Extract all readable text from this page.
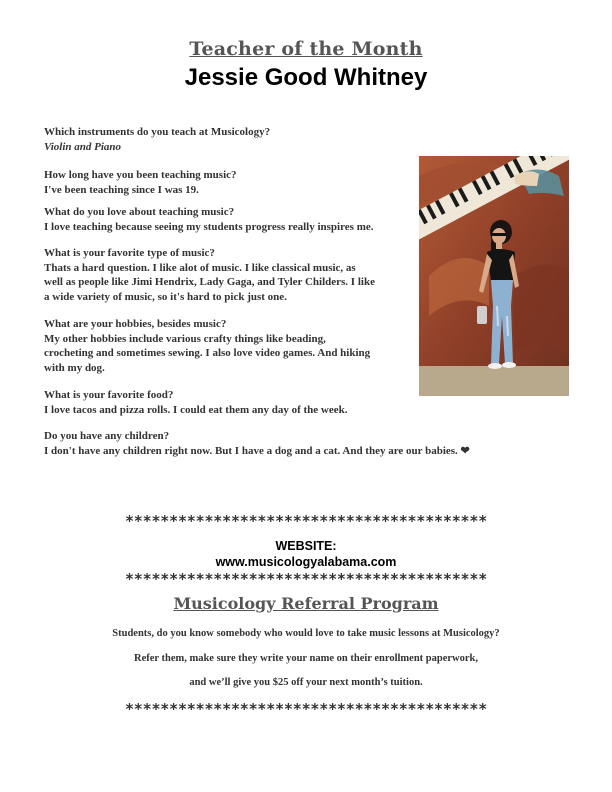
Teacher of the Month
Jessie Good Whitney

Which instruments do you teach at Musicology?

Violin and Piano

How long have you been teaching music?

I've been teaching since I was 19.

What do you love about teaching music?

I love teaching because seeing my students progress really inspires me.

What is your favorite type of music?

Thats a hard question. I like alot of music. I like classical music, as

well as people like Jimi Hendrix, Lady Gaga, and Tyler Childers. I like

a wide variety of music, so it's hard to pick just one.

What are your hobbies, besides music?

My other hobbies include various crafty things like beading,

crocheting and sometimes sewing. I also love video games. And hiking

with my dog.

What is your favorite food?

I love tacos and pizza rolls. I could eat them any day of the week.

Do you have any children?

I don't have any children right now. But I have a dog and a cat. And they are our babies. ❤

*****************************************
WEBSITE:
www.musicologyalabama.com
*****************************************
Musicology Referral Program
Students, do you know somebody who would love to take music lessons at Musicology?
Refer them, make sure they write your name on their enrollment paperwork,
and we’ll give you $25 off your next month’s tuition.
*****************************************
